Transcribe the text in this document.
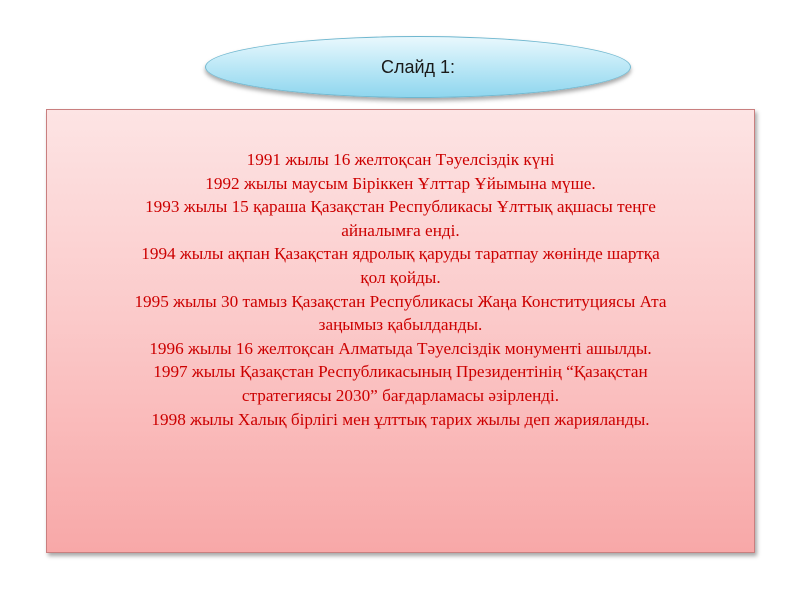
Слайд 1:
1991 жылы 16 желтоқсан Тәуелсіздік күні
1992 жылы маусым Біріккен Ұлттар Ұйымына мүше.
1993 жылы 15 қараша Қазақстан Республикасы Ұлттық ақшасы теңге
айналымға енді.
1994 жылы ақпан Қазақстан ядролық қаруды таратпау жөнінде шартқа
қол қойды.
1995 жылы 30 тамыз Қазақстан Республикасы Жаңа Конституциясы Ата
заңымыз қабылданды.
1996 жылы 16 желтоқсан Алматыда Тәуелсіздік монументі ашылды.
1997 жылы Қазақстан Республикасының Президентінің “Қазақстан
стратегиясы 2030” бағдарламасы әзірленді.
1998 жылы Халық бірлігі мен ұлттық тарих жылы деп жарияланды.
